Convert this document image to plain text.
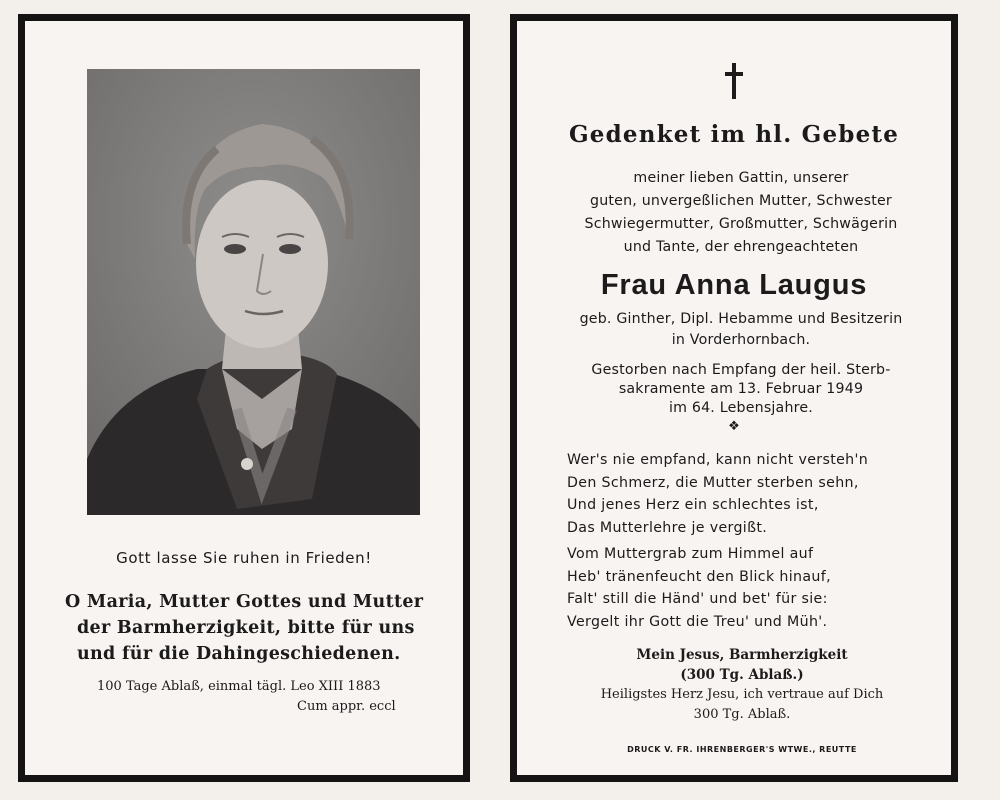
Gott lasse Sie ruhen in Frieden!
O Maria, Mutter Gottes und Mutter
der Barmherzigkeit, bitte für uns
und für die Dahingeschiedenen.
100 Tage Ablaß, einmal tägl. Leo XIII 1883
Cum appr. eccl
Gedenket im hl. Gebete
meiner lieben Gattin, unserer
guten, unvergeßlichen Mutter, Schwester
Schwiegermutter, Großmutter, Schwägerin
und Tante, der ehrengeachteten
Frau Anna Laugus
geb. Ginther, Dipl. Hebamme und Besitzerin
in Vorderhornbach.
Gestorben nach Empfang der heil. Sterb-
sakramente am 13. Februar 1949
im 64. Lebensjahre.
❖
Wer's nie empfand, kann nicht versteh'n
Den Schmerz, die Mutter sterben sehn,
Und jenes Herz ein schlechtes ist,
Das Mutterlehre je vergißt.
Vom Muttergrab zum Himmel auf
Heb' tränenfeucht den Blick hinauf,
Falt' still die Händ' und bet' für sie:
Vergelt ihr Gott die Treu' und Müh'.
Mein Jesus, Barmherzigkeit
(300 Tg. Ablaß.)
Heiligstes Herz Jesu, ich vertraue auf Dich
300 Tg. Ablaß.
DRUCK V. FR. IHRENBERGER'S WTWE., REUTTE
